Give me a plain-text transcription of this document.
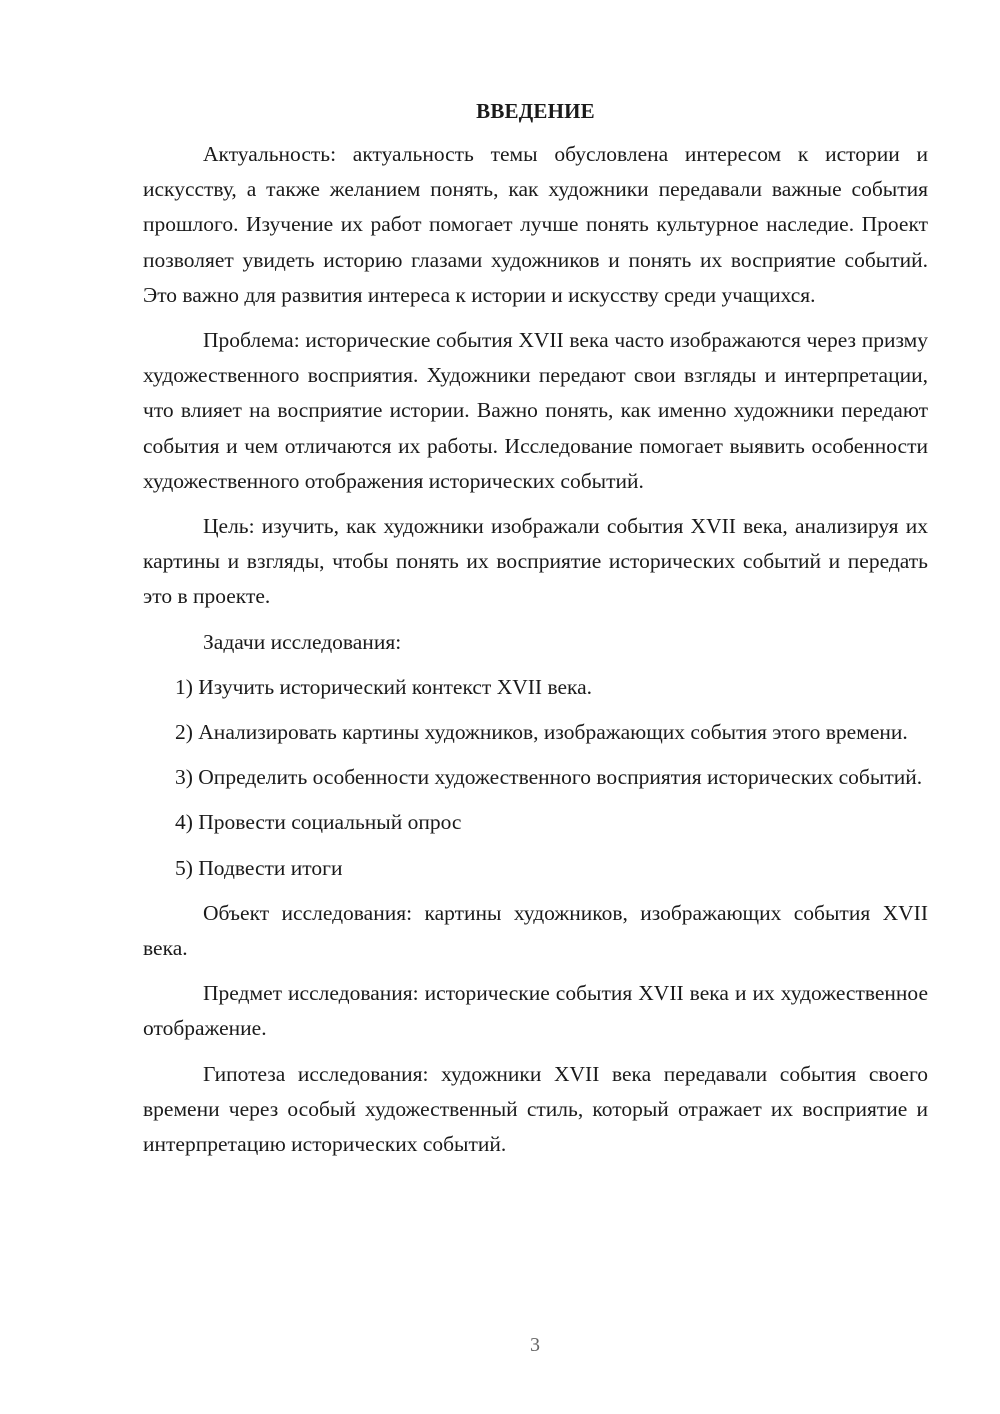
ВВЕДЕНИЕ

Актуальность: актуальность темы обусловлена интересом к истории и искусству, а также желанием понять, как художники передавали важные события прошлого. Изучение их работ помогает лучше понять культурное наследие. Проект позволяет увидеть историю глазами художников и понять их восприятие событий. Это важно для развития интереса к истории и искусству среди учащихся.

Проблема: исторические события XVII века часто изображаются через призму художественного восприятия. Художники передают свои взгляды и интерпретации, что влияет на восприятие истории. Важно понять, как именно художники передают события и чем отличаются их работы. Исследование помогает выявить особенности художественного отображения исторических событий.

Цель: изучить, как художники изображали события XVII века, анализируя их картины и взгляды, чтобы понять их восприятие исторических событий и передать это в проекте.

Задачи исследования:

1) Изучить исторический контекст XVII века.

2) Анализировать картины художников, изображающих события этого времени.

3) Определить особенности художественного восприятия исторических событий.

4) Провести социальный опрос

5) Подвести итоги

Объект исследования: картины художников, изображающих события XVII века.

Предмет исследования: исторические события XVII века и их художественное отображение.

Гипотеза исследования: художники XVII века передавали события своего времени через особый художественный стиль, который отражает их восприятие и интерпретацию исторических событий.

3
